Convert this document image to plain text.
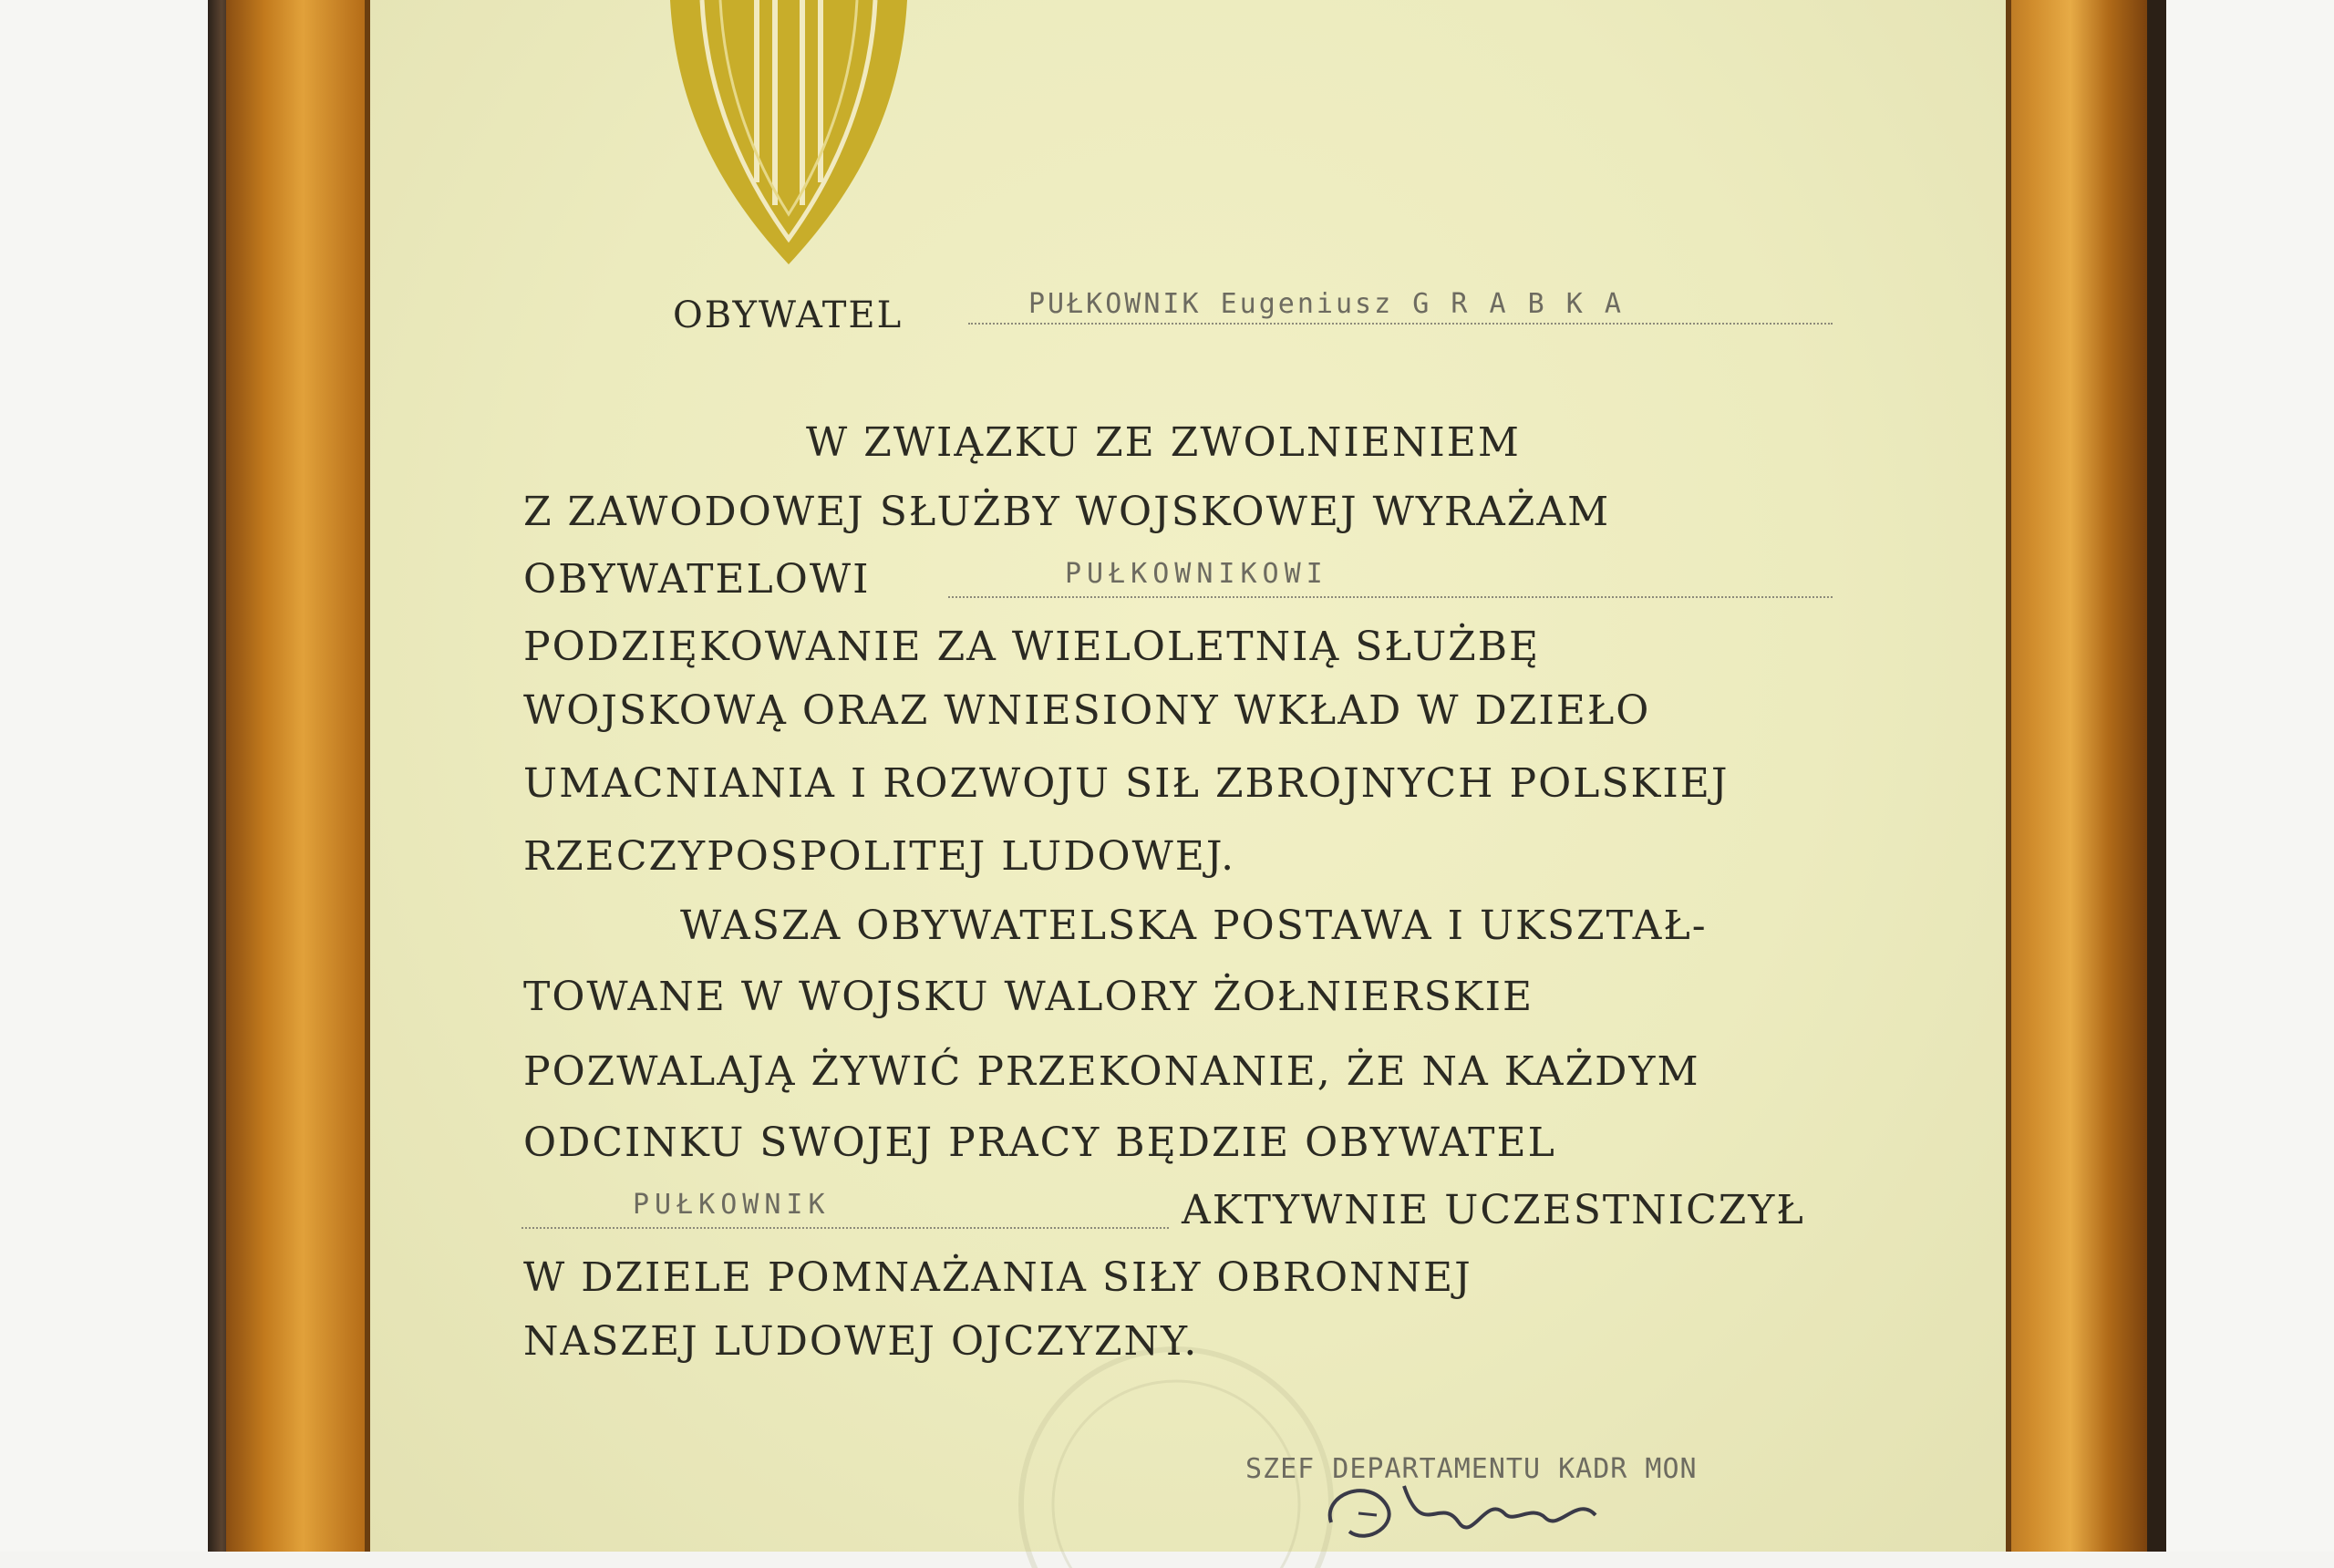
OBYWATEL	PUŁKOWNIK Eugeniusz G R A B K A

W ZWIĄZKU ZE ZWOLNIENIEM

Z ZAWODOWEJ SŁUŻBY WOJSKOWEJ WYRAŻAM

OBYWATELOWI	PUŁKOWNIKOWI

PODZIĘKOWANIE ZA WIELOLETNIĄ SŁUŻBĘ

WOJSKOWĄ ORAZ WNIESIONY WKŁAD W DZIEŁO

UMACNIANIA I ROZWOJU SIŁ ZBROJNYCH POLSKIEJ

RZECZYPOSPOLITEJ LUDOWEJ.

WASZA OBYWATELSKA POSTAWA I UKSZTAŁ-

TOWANE W WOJSKU WALORY ŻOŁNIERSKIE

POZWALAJĄ ŻYWIĆ PRZEKONANIE, ŻE NA KAŻDYM

ODCINKU SWOJEJ PRACY BĘDZIE OBYWATEL

PUŁKOWNIK	AKTYWNIE UCZESTNICZYŁ

W DZIELE POMNAŻANIA SIŁY OBRONNEJ

NASZEJ LUDOWEJ OJCZYZNY.

SZEF DEPARTAMENTU KADR MON
